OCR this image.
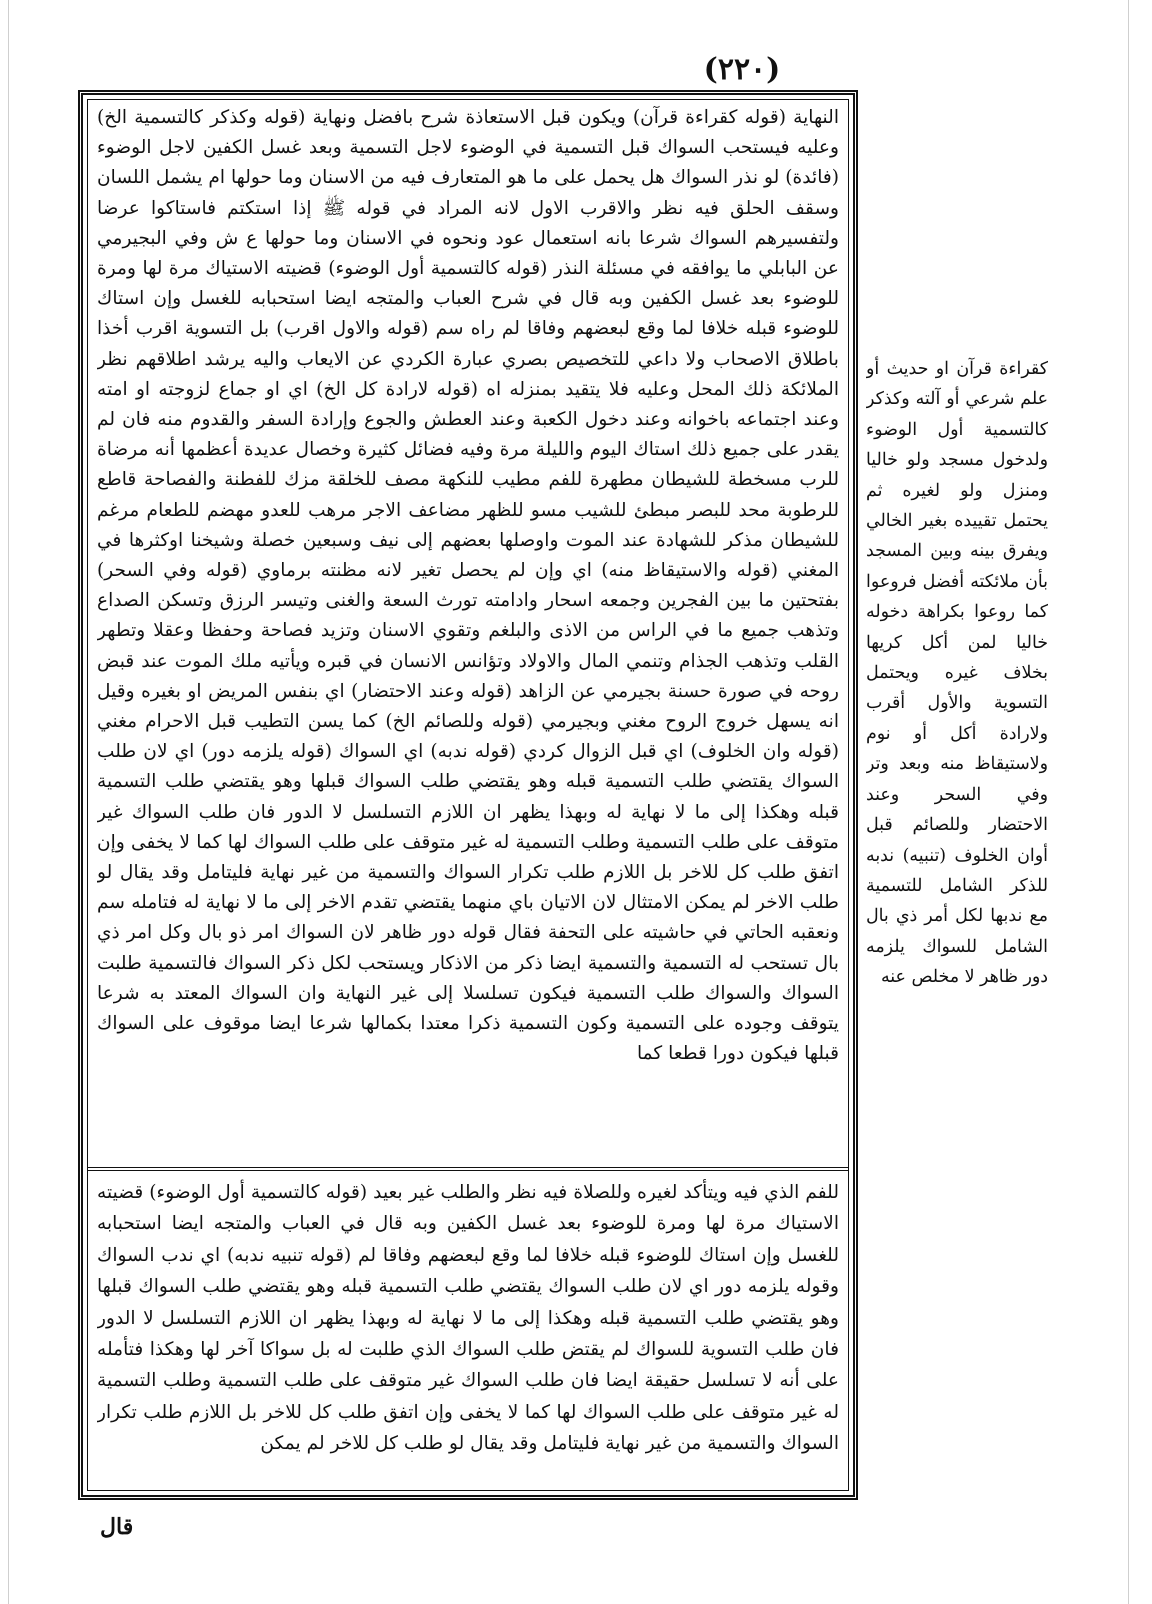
(٢٢٠)
النهاية (قوله كقراءة قرآن) ويكون قبل الاستعاذة شرح بافضل ونهاية (قوله وكذكر كالتسمية الخ) وعليه فيستحب السواك قبل التسمية في الوضوء لاجل التسمية وبعد غسل الكفين لاجل الوضوء (فائدة) لو نذر السواك هل يحمل على ما هو المتعارف فيه من الاسنان وما حولها ام يشمل اللسان وسقف الحلق فيه نظر والاقرب الاول لانه المراد في قوله ﷺ إذا استكتم فاستاكوا عرضا ولتفسيرهم السواك شرعا بانه استعمال عود ونحوه في الاسنان وما حولها ع ش وفي البجيرمي عن البابلي ما يوافقه في مسئلة النذر (قوله كالتسمية أول الوضوء) قضيته الاستياك مرة لها ومرة للوضوء بعد غسل الكفين وبه قال في شرح العباب والمتجه ايضا استحبابه للغسل وإن استاك للوضوء قبله خلافا لما وقع لبعضهم وفاقا لم راه سم (قوله والاول اقرب) بل التسوية اقرب أخذا باطلاق الاصحاب ولا داعي للتخصيص بصري عبارة الكردي عن الايعاب واليه يرشد اطلاقهم نظر الملائكة ذلك المحل وعليه فلا يتقيد بمنزله اه (قوله لارادة كل الخ) اي او جماع لزوجته او امته وعند اجتماعه باخوانه وعند دخول الكعبة وعند العطش والجوع وإرادة السفر والقدوم منه فان لم يقدر على جميع ذلك استاك اليوم والليلة مرة وفيه فضائل كثيرة وخصال عديدة أعظمها أنه مرضاة للرب مسخطة للشيطان مطهرة للفم مطيب للنكهة مصف للخلقة مزك للفطنة والفصاحة قاطع للرطوبة محد للبصر مبطئ للشيب مسو للظهر مضاعف الاجر مرهب للعدو مهضم للطعام مرغم للشيطان مذكر للشهادة عند الموت واوصلها بعضهم إلى نيف وسبعين خصلة وشيخنا اوكثرها في المغني (قوله والاستيقاظ منه) اي وإن لم يحصل تغير لانه مظنته برماوي (قوله وفي السحر) بفتحتين ما بين الفجرين وجمعه اسحار وادامته تورث السعة والغنى وتيسر الرزق وتسكن الصداع وتذهب جميع ما في الراس من الاذى والبلغم وتقوي الاسنان وتزيد فصاحة وحفظا وعقلا وتطهر القلب وتذهب الجذام وتنمي المال والاولاد وتؤانس الانسان في قبره ويأتيه ملك الموت عند قبض روحه في صورة حسنة بجيرمي عن الزاهد (قوله وعند الاحتضار) اي بنفس المريض او بغيره وقيل انه يسهل خروج الروح مغني وبجيرمي (قوله وللصائم الخ) كما يسن التطيب قبل الاحرام مغني (قوله وان الخلوف) اي قبل الزوال كردي (قوله ندبه) اي السواك (قوله يلزمه دور) اي لان طلب السواك يقتضي طلب التسمية قبله وهو يقتضي طلب السواك قبلها وهو يقتضي طلب التسمية قبله وهكذا إلى ما لا نهاية له وبهذا يظهر ان اللازم التسلسل لا الدور فان طلب السواك غير متوقف على طلب التسمية وطلب التسمية له غير متوقف على طلب السواك لها كما لا يخفى وإن اتفق طلب كل للاخر بل اللازم طلب تكرار السواك والتسمية من غير نهاية فليتامل وقد يقال لو طلب الاخر لم يمكن الامتثال لان الاتيان باي منهما يقتضي تقدم الاخر إلى ما لا نهاية له فتامله سم ونعقبه الحاتي في حاشيته على التحفة فقال قوله دور ظاهر لان السواك امر ذو بال وكل امر ذي بال تستحب له التسمية والتسمية ايضا ذكر من الاذكار ويستحب لكل ذكر السواك فالتسمية طلبت السواك والسواك طلب التسمية فيكون تسلسلا إلى غير النهاية وان السواك المعتد به شرعا يتوقف وجوده على التسمية وكون التسمية ذكرا معتدا بكمالها شرعا ايضا موقوف على السواك قبلها فيكون دورا قطعا كما
للفم الذي فيه ويتأكد لغيره وللصلاة فيه نظر والطلب غير بعيد (قوله كالتسمية أول الوضوء) قضيته الاستياك مرة لها ومرة للوضوء بعد غسل الكفين وبه قال في العباب والمتجه ايضا استحبابه للغسل وإن استاك للوضوء قبله خلافا لما وقع لبعضهم وفاقا لم (قوله تنبيه ندبه) اي ندب السواك وقوله يلزمه دور اي لان طلب السواك يقتضي طلب التسمية قبله وهو يقتضي طلب السواك قبلها وهو يقتضي طلب التسمية قبله وهكذا إلى ما لا نهاية له وبهذا يظهر ان اللازم التسلسل لا الدور فان طلب التسوية للسواك لم يقتض طلب السواك الذي طلبت له بل سواكا آخر لها وهكذا فتأمله على أنه لا تسلسل حقيقة ايضا فان طلب السواك غير متوقف على طلب التسمية وطلب التسمية له غير متوقف على طلب السواك لها كما لا يخفى وإن اتفق طلب كل للاخر بل اللازم طلب تكرار السواك والتسمية من غير نهاية فليتامل وقد يقال لو طلب كل للاخر لم يمكن
كقراءة قرآن او حديث أو علم شرعي أو آلته وكذكر كالتسمية أول الوضوء ولدخول مسجد ولو خاليا ومنزل ولو لغيره ثم يحتمل تقييده بغير الخالي ويفرق بينه وبين المسجد بأن ملائكته أفضل فروعوا كما روعوا بكراهة دخوله خاليا لمن أكل كريها بخلاف غيره ويحتمل التسوية والأول أقرب ولارادة أكل أو نوم ولاستيقاظ منه وبعد وتر وفي السحر وعند الاحتضار وللصائم قبل أوان الخلوف (تنبيه) ندبه للذكر الشامل للتسمية مع ندبها لكل أمر ذي بال الشامل للسواك يلزمه دور ظاهر لا مخلص عنه
قال
